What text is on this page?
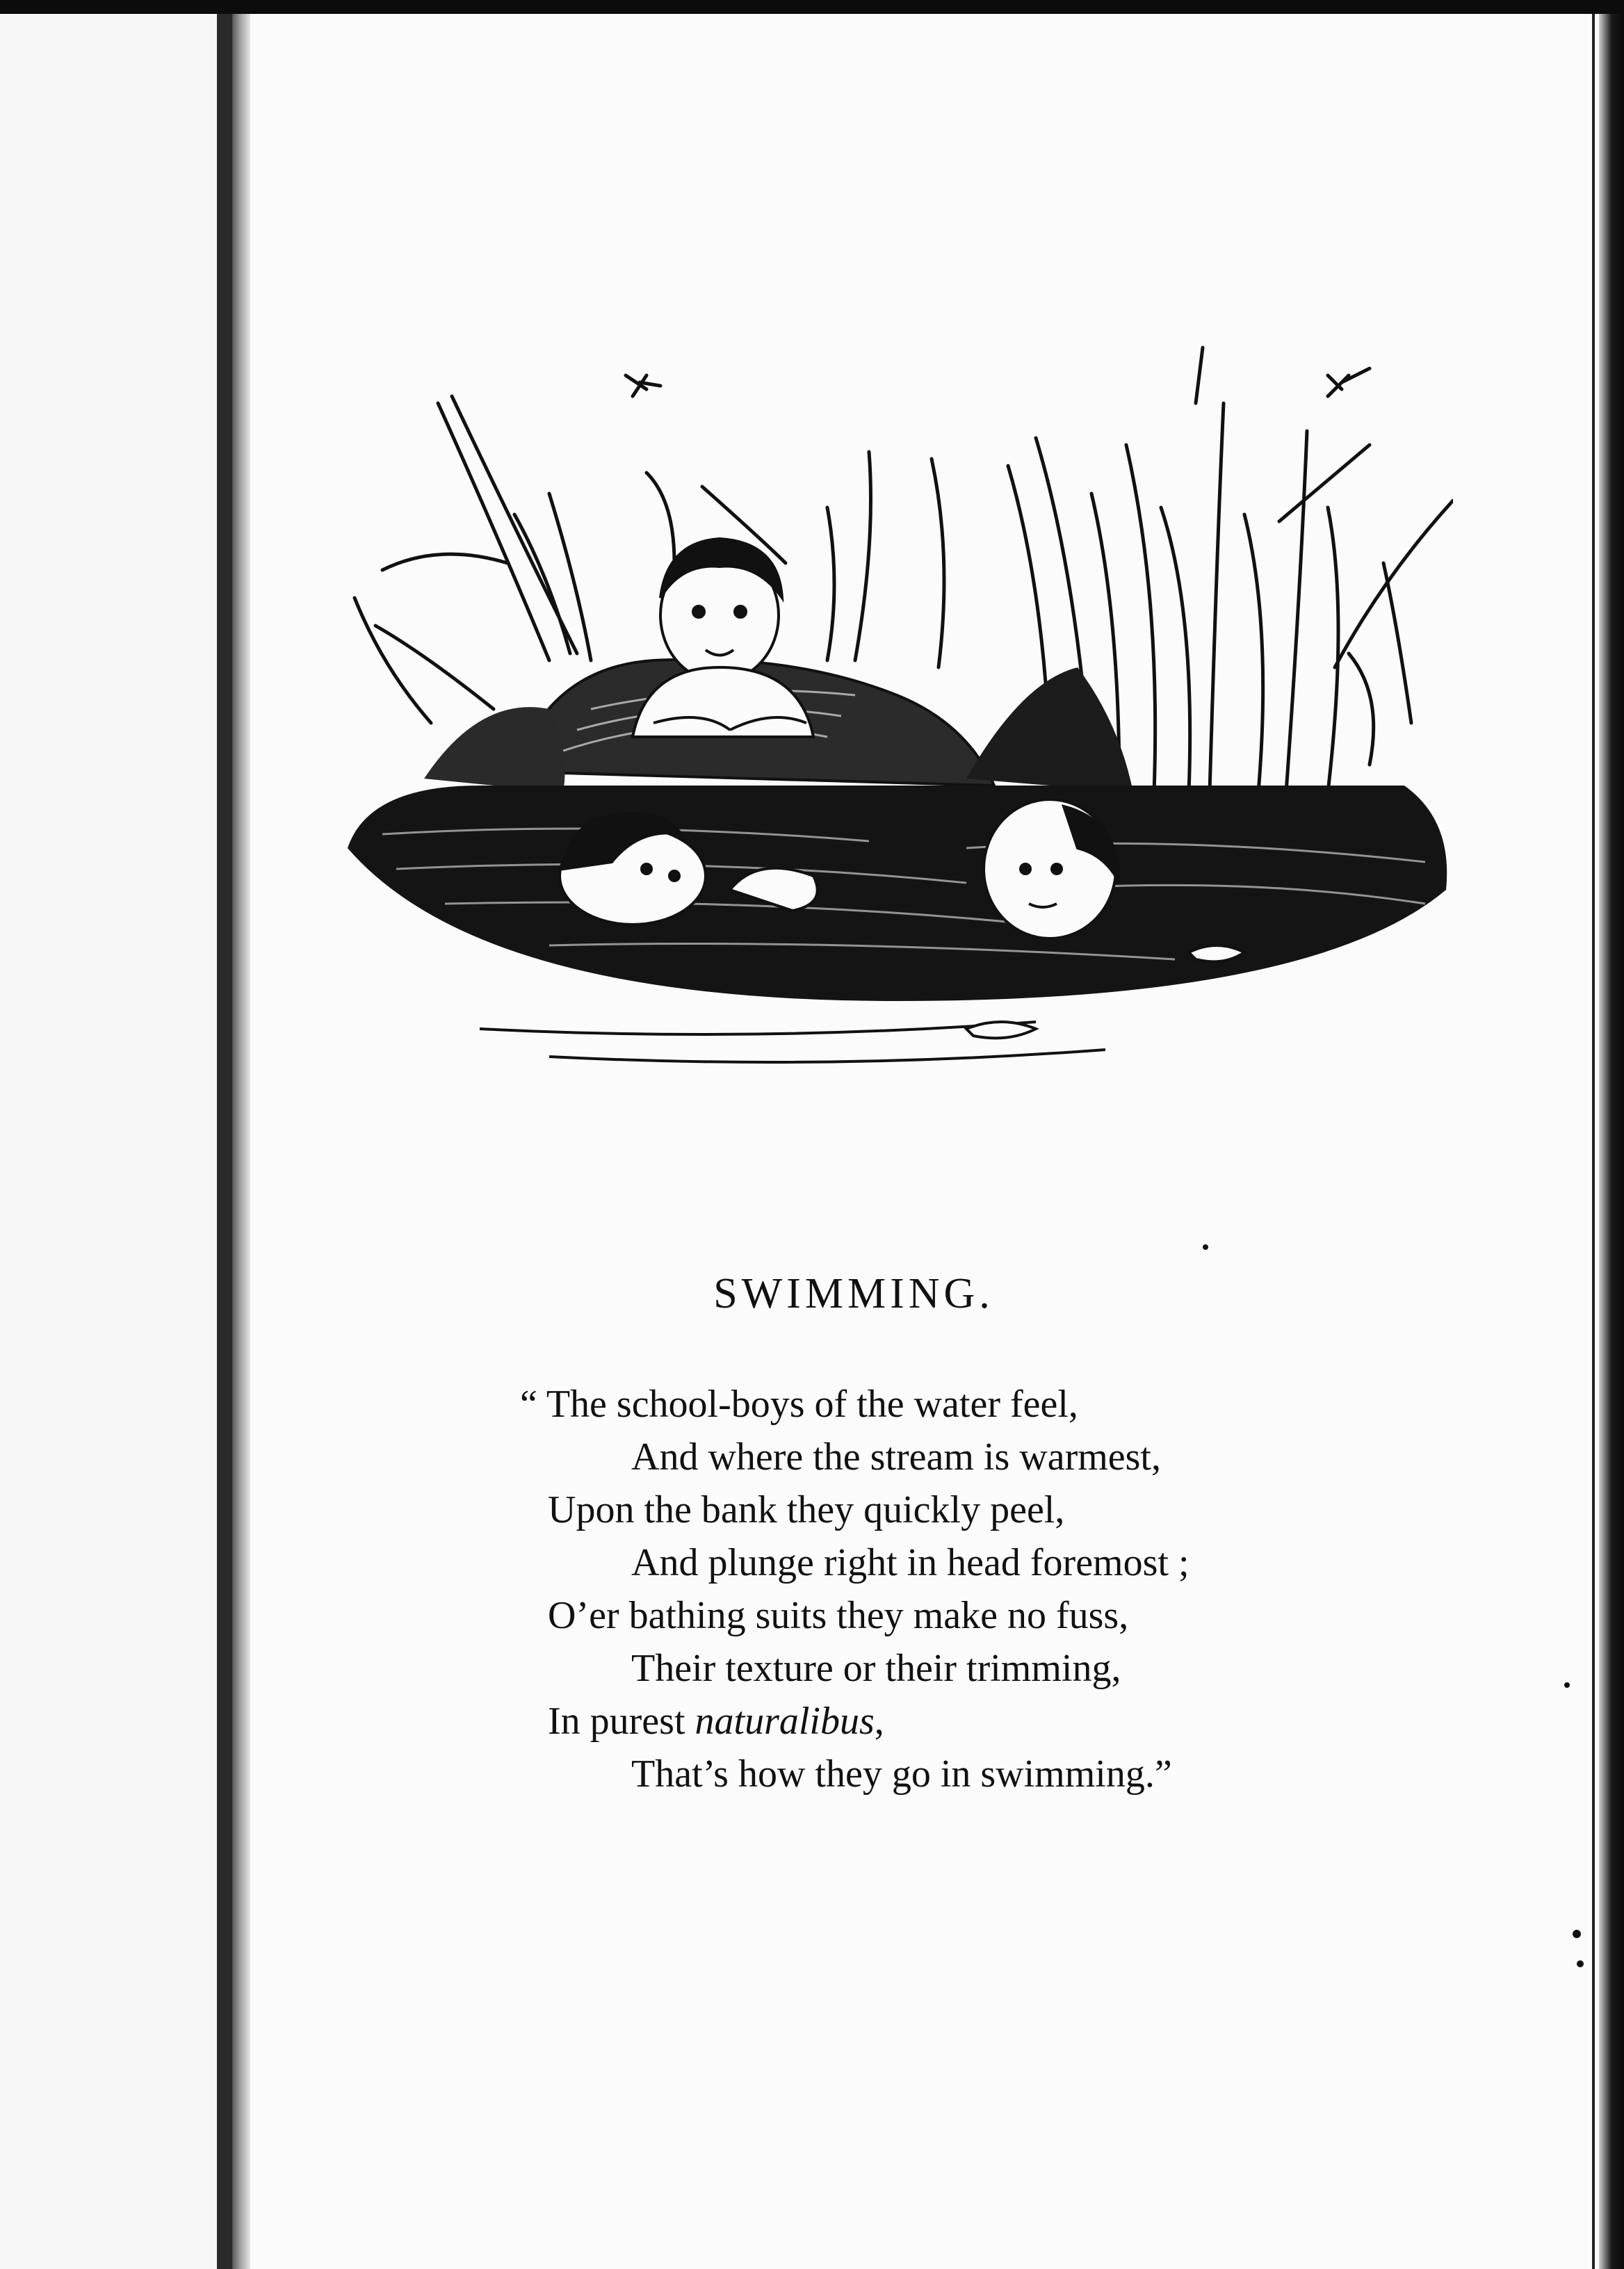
SWIMMING.
“ The school-boys of the water feel,
And where the stream is warmest,
Upon the bank they quickly peel,
And plunge right in head foremost ;
O’er bathing suits they make no fuss,
Their texture or their trimming,
In purest naturalibus,
That’s how they go in swimming.”
